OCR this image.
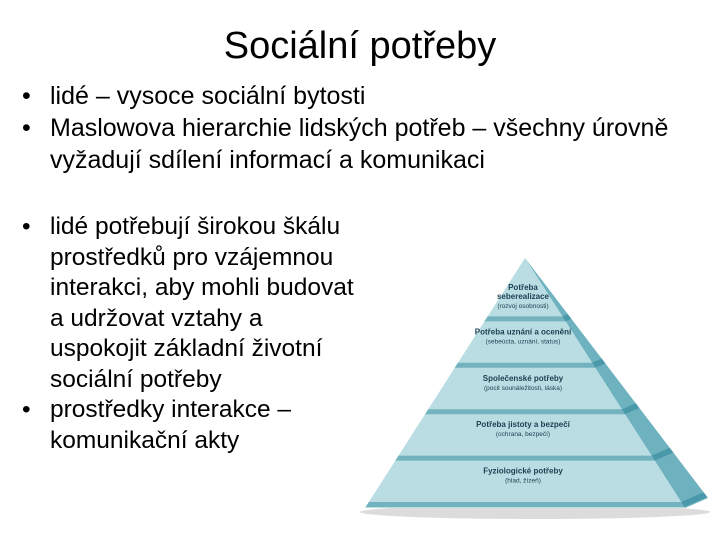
Sociální potřeby
• lidé – vysoce sociální bytosti
• Maslowova hierarchie lidských potřeb – všechny úrovně vyžadují sdílení informací a komunikaci
• lidé potřebují širokou škálu prostředků pro vzájemnou interakci, aby mohli budovat a udržovat vztahy a uspokojit základní životní sociální potřeby
• prostředky interakce – komunikační akty
Potřeba
seberealizace
(rozvoj osobnosti)
Potřeba uznání a ocenění
(sebeúcta, uznání, status)
Společenské potřeby
(pocit sounáležitosti, láska)
Potřeba jistoty a bezpečí
(ochrana, bezpečí)
Fyziologické potřeby
(hlad, žízeň)
